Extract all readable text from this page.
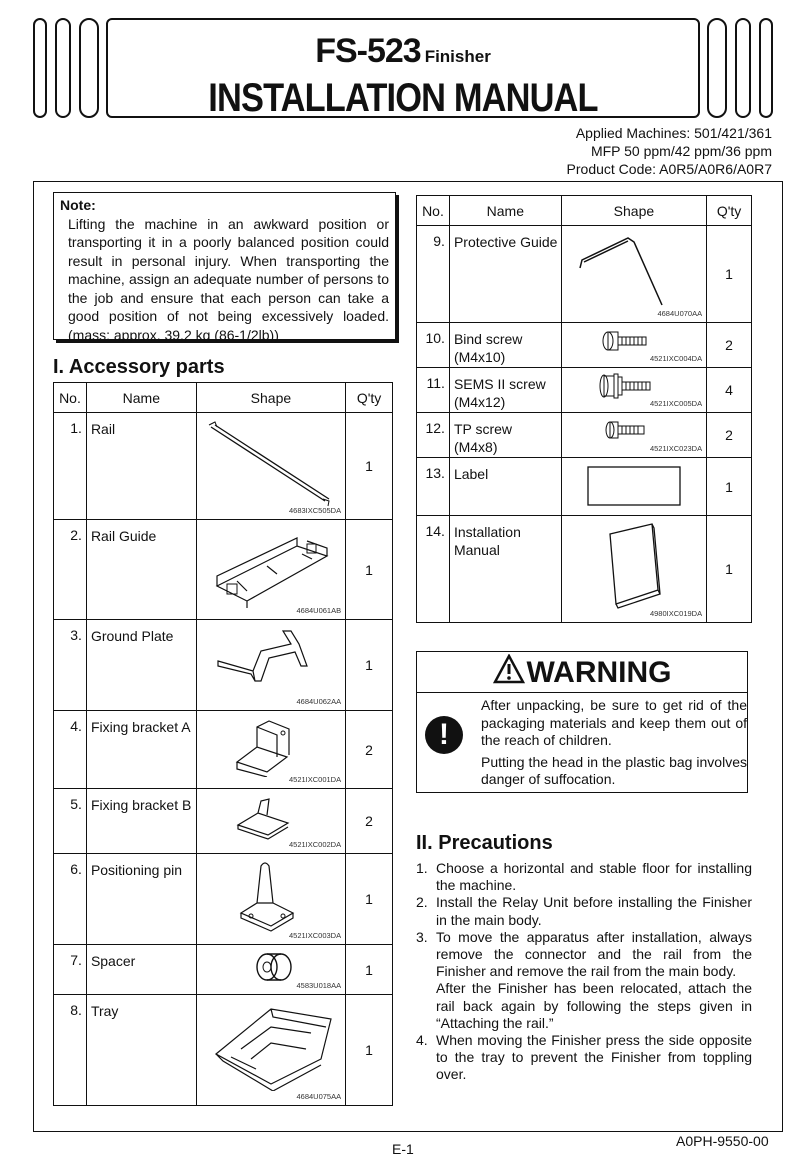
FS-523 Finisher
INSTALLATION MANUAL
Applied Machines: 501/421/361
MFP 50 ppm/42 ppm/36 ppm
Product Code: A0R5/A0R6/A0R7
Note:
Lifting the machine in an awkward position or transporting it in a poorly balanced position could result in personal injury. When transporting the machine, assign an adequate number of persons to the job and ensure that each person can take a good position of not being excessively loaded. (mass: approx. 39.2 kg (86-1/2lb))
I. Accessory parts
No.	Name	Shape	Q'ty
1.	Rail	4683IXC505DA	1
2.	Rail Guide	4684U061AB	1
3.	Ground Plate	4684U062AA	1
4.	Fixing bracket A	4521IXC001DA	2
5.	Fixing bracket B	4521IXC002DA	2
6.	Positioning pin	4521IXC003DA	1
7.	Spacer	4583U018AA	1
8.	Tray	4684U075AA	1
No.	Name	Shape	Q'ty
9.	Protective Guide	4684U070AA	1
10.	Bind screw (M4x10)	4521IXC004DA	2
11.	SEMS II screw (M4x12)	4521IXC005DA	4
12.	TP screw (M4x8)	4521IXC023DA	2
13.	Label		1
14.	Installation Manual	4980IXC019DA	1
WARNING
!

After unpacking, be sure to get rid of the packaging materials and keep them out of the reach of children.

Putting the head in the plastic bag involves danger of suffocation.

II. Precautions
1. Choose a horizontal and stable floor for installing the machine.
2. Install the Relay Unit before installing the Finisher in the main body.
3. To move the apparatus after installation, always remove the connector and the rail from the Finisher and remove the rail from the main body.
After the Finisher has been relocated, attach the rail back again by following the steps given in “Attaching the rail.”
4. When moving the Finisher press the side opposite to the tray to prevent the Finisher from toppling over.
A0PH-9550-00
E-1
